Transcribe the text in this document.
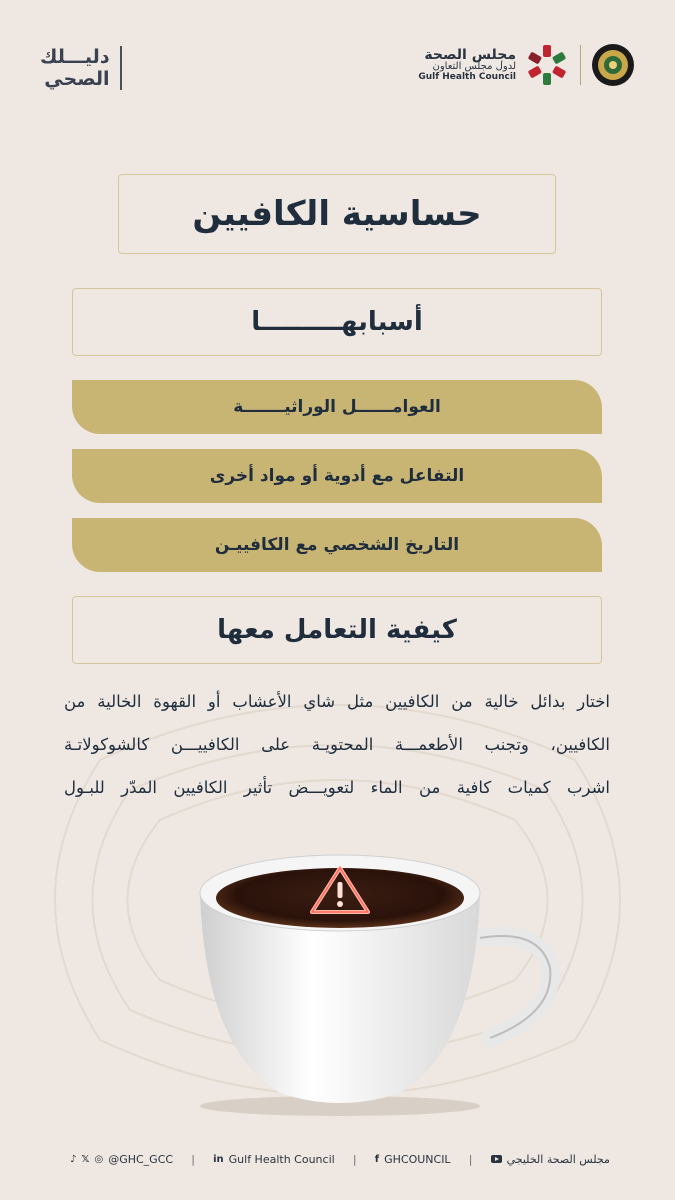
مجلس الصحة
لدول مجلس التعاون
Gulf Health Council
دليـــلك
الصحي
حساسية الكافيين
أسبابهـــــــــا
العوامــــــل الوراثيـــــــة
التفاعل مع أدوية أو مواد أخرى
التاريخ الشخصي مع الكافييـن
كيفية التعامل معها
اختار بدائل خالية من الكافيين مثل شاي الأعشاب أو القهوة الخالية من
الكافيين، وتجنب الأطعمـــة المحتويـة على الكافييـــن كالشوكولاتـة
اشرب كميات كافية من الماء لتعويـــض تأثير الكافيين المدّر للبـول
♪ 𝕏 ◎ @GHC_GCC | in Gulf Health Council | f GHCOUNCIL |	مجلس الصحة الخليجي
